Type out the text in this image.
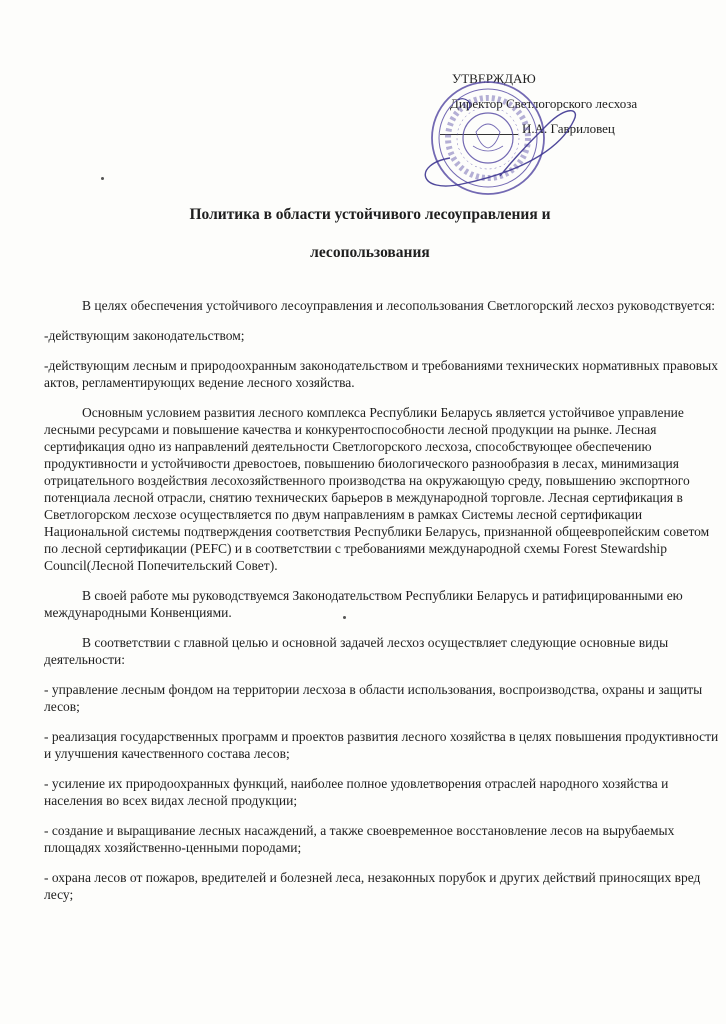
УТВЕРЖДАЮ
Директор Светлогорского лесхоза
И.А. Гавриловец
Политика в области устойчивого лесоуправления и
лесопользования

В целях обеспечения устойчивого лесоуправления и лесопользования Светлогорский лесхоз руководствуется:

-действующим законодательством;

-действующим лесным и природоохранным законодательством и требованиями технических нормативных правовых актов, регламентирующих ведение лесного хозяйства.

Основным условием развития лесного комплекса Республики Беларусь является устойчивое управление лесными ресурсами и повышение качества и конкурентоспособности лесной продукции на рынке. Лесная сертификация одно из направлений деятельности Светлогорского лесхоза, способствующее обеспечению продуктивности и устойчивости древостоев, повышению биологического разнообразия в лесах, минимизация отрицательного воздействия лесохозяйственного производства на окружающую среду, повышению экспортного потенциала лесной отрасли, снятию технических барьеров в международной торговле. Лесная сертификация в Светлогорском лесхозе осуществляется по двум направлениям в рамках Системы лесной сертификации Национальной системы подтверждения соответствия Республики Беларусь, признанной общеевропейским советом по лесной сертификации (PEFC) и в соответствии с требованиями международной схемы Forest Stewardship Council(Лесной Попечительский Совет).

В своей работе мы руководствуемся Законодательством Республики Беларусь и ратифицированными ею международными Конвенциями.

В соответствии с главной целью и основной задачей лесхоз осуществляет следующие основные виды деятельности:

- управление лесным фондом на территории лесхоза в области использования, воспроизводства, охраны и защиты лесов;

- реализация государственных программ и проектов развития лесного хозяйства в целях повышения продуктивности и улучшения качественного состава лесов;

- усиление их природоохранных функций, наиболее полное удовлетворения отраслей народного хозяйства и населения во всех видах лесной продукции;

- создание и выращивание лесных насаждений, а также своевременное восстановление лесов на вырубаемых площадях хозяйственно-ценными породами;

- охрана лесов от пожаров, вредителей и болезней леса, незаконных порубок и других действий приносящих вред лесу;
